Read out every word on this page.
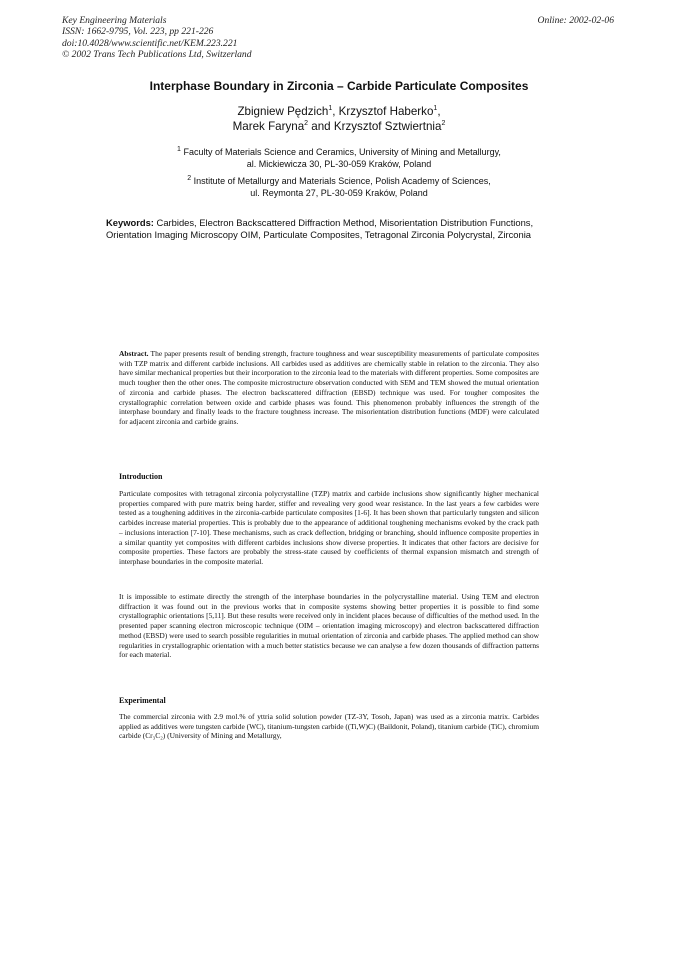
Key Engineering Materials
ISSN: 1662-9795, Vol. 223, pp 221-226
doi:10.4028/www.scientific.net/KEM.223.221
© 2002 Trans Tech Publications Ltd, Switzerland
Online: 2002-02-06
Interphase Boundary in Zirconia – Carbide Particulate Composites
Zbigniew Pędzich$^1$, Krzysztof Haberko$^1$,
Marek Faryna$^2$ and Krzysztof Sztwiertnia$^2$
$^1$ Faculty of Materials Science and Ceramics, University of Mining and Metallurgy,
al. Mickiewicza 30, PL-30-059 Kraków, Poland
$^2$ Institute of Metallurgy and Materials Science, Polish Academy of Sciences,
ul. Reymonta 27, PL-30-059 Kraków, Poland
Keywords: Carbides, Electron Backscattered Diffraction Method, Misorientation Distribution Functions, Orientation Imaging Microscopy OIM, Particulate Composites, Tetragonal Zirconia Polycrystal, Zirconia

Abstract. The paper presents result of bending strength, fracture toughness and wear susceptibility measurements of particulate composites with TZP matrix and different carbide inclusions. All carbides used as additives are chemically stable in relation to the zirconia. They also have similar mechanical properties but their incorporation to the zirconia lead to the materials with different properties. Some composites are much tougher then the other ones. The composite microstructure observation conducted with SEM and TEM showed the mutual orientation of zirconia and carbide phases. The electron backscattered diffraction (EBSD) technique was used. For tougher composites the crystallographic correlation between oxide and carbide phases was found. This phenomenon probably influences the strength of the interphase boundary and finally leads to the fracture toughness increase. The misorientation distribution functions (MDF) were calculated for adjacent zirconia and carbide grains.

Introduction
Particulate composites with tetragonal zirconia polycrystalline (TZP) matrix and carbide inclusions show significantly higher mechanical properties compared with pure matrix being harder, stiffer and revealing very good wear resistance. In the last years a few carbides were tested as a toughening additives in the zirconia-carbide particulate composites [1-6]. It has been shown that particularly tungsten and silicon carbides increase material properties. This is probably due to the appearance of additional toughening mechanisms evoked by the crack path – inclusions interaction [7-10]. These mechanisms, such as crack deflection, bridging or branching, should influence composite properties in a similar quantity yet composites with different carbides inclusions show diverse properties. It indicates that other factors are decisive for composite properties. These factors are probably the stress-state caused by coefficients of thermal expansion mismatch and strength of interphase boundaries in the composite material.
It is impossible to estimate directly the strength of the interphase boundaries in the polycrystalline material. Using TEM and electron diffraction it was found out in the previous works that in composite systems showing better properties it is possible to find some crystallographic orientations [5,11]. But these results were received only in incident places because of difficulties of the method used. In the presented paper scanning electron microscopic technique (OIM – orientation imaging microscopy) and electron backscattered diffraction method (EBSD) were used to search possible regularities in mutual orientation of zirconia and carbide phases. The applied method can show regularities in crystallographic orientation with a much better statistics because we can analyse a few dozen thousands of diffraction patterns for each material.
Experimental
The commercial zirconia with 2.9 mol.% of yttria solid solution powder (TZ-3Y, Tosoh, Japan) was used as a zirconia matrix. Carbides applied as additives were tungsten carbide (WC), titanium-tungsten carbide ((Ti,W)C) (Baildonit, Poland), titanium carbide (TiC), chromium carbide (Cr₃C₂) (University of Mining and Metallurgy,
